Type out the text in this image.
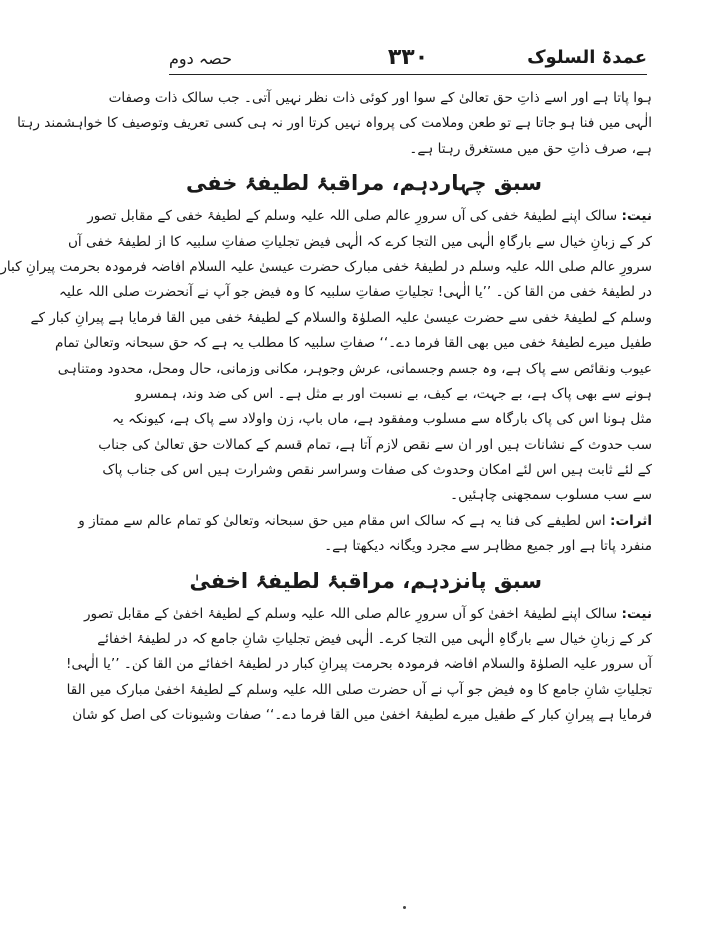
حصہ دوم	۳۳۰	عمدۃ السلوک
ہوا پاتا ہے اور اسے ذاتِ حق تعالیٰ کے سوا اور کوئی ذات نظر نہیں آتی۔ جب سالک ذات وصفات
الٰہی میں فنا ہو جاتا ہے تو طعن وملامت کی پرواہ نہیں کرتا اور نہ ہی کسی تعریف وتوصیف کا خواہشمند رہتا
ہے، صرف ذاتِ حق میں مستغرق رہتا ہے۔
سبق چہاردہم، مراقبۂ لطیفۂ خفی
نیت: سالک اپنے لطیفۂ خفی کی آں سرورِ عالم صلی اللہ علیہ وسلم کے لطیفۂ خفی کے مقابل تصور
کر کے زبانِ خیال سے بارگاہِ الٰہی میں التجا کرے کہ الٰہی فیض تجلیاتِ صفاتِ سلبیہ کا از لطیفۂ خفی آں
سرورِ عالم صلی اللہ علیہ وسلم در لطیفۂ خفی مبارک حضرت عیسیٰ علیہ السلام افاضہ فرمودہ بحرمت پیرانِ کبار
در لطیفۂ خفی من القا کن۔ ’’یا الٰہی! تجلیاتِ صفاتِ سلبیہ کا وہ فیض جو آپ نے آنحضرت صلی اللہ علیہ
وسلم کے لطیفۂ خفی سے حضرت عیسیٰ علیہ الصلوٰۃ والسلام کے لطیفۂ خفی میں القا فرمایا ہے پیرانِ کبار کے
طفیل میرے لطیفۂ خفی میں بھی القا فرما دے۔‘‘ صفاتِ سلبیہ کا مطلب یہ ہے کہ حق سبحانہ وتعالیٰ تمام
عیوب ونقائص سے پاک ہے، وہ جسم وجسمانی، عرش وجوہر، مکانی وزمانی، حال ومحل، محدود ومتناہی
ہونے سے بھی پاک ہے، بے جہت، بے کیف، بے نسبت اور بے مثل ہے۔ اس کی ضد وند، ہمسرو
مثل ہونا اس کی پاک بارگاہ سے مسلوب ومفقود ہے، ماں باپ، زن واولاد سے پاک ہے، کیونکہ یہ
سب حدوث کے نشانات ہیں اور ان سے نقص لازم آتا ہے، تمام قسم کے کمالات حق تعالیٰ کی جناب
کے لئے ثابت ہیں اس لئے امکان وحدوث کی صفات وسراسر نقص وشرارت ہیں اس کی جناب پاک
سے سب مسلوب سمجھنی چاہئیں۔
اثرات: اس لطیفے کی فنا یہ ہے کہ سالک اس مقام میں حق سبحانہ وتعالیٰ کو تمام عالم سے ممتاز و
منفرد پاتا ہے اور جمیع مظاہر سے مجرد ویگانہ دیکھتا ہے۔
سبق پانزدہم، مراقبۂ لطیفۂ اخفیٰ
نیت: سالک اپنے لطیفۂ اخفیٰ کو آں سرورِ عالم صلی اللہ علیہ وسلم کے لطیفۂ اخفیٰ کے مقابل تصور
کر کے زبانِ خیال سے بارگاہِ الٰہی میں التجا کرے۔ الٰہی فیض تجلیاتِ شانِ جامع کہ در لطیفۂ اخفائے
آں سرور علیہ الصلوٰۃ والسلام افاضہ فرمودہ بحرمت پیرانِ کبار در لطیفۂ اخفائے من القا کن۔ ’’یا الٰہی!
تجلیاتِ شانِ جامع کا وہ فیض جو آپ نے آں حضرت صلی اللہ علیہ وسلم کے لطیفۂ اخفیٰ مبارک میں القا
فرمایا ہے پیرانِ کبار کے طفیل میرے لطیفۂ اخفیٰ میں القا فرما دے۔‘‘ صفات وشیونات کی اصل کو شان
